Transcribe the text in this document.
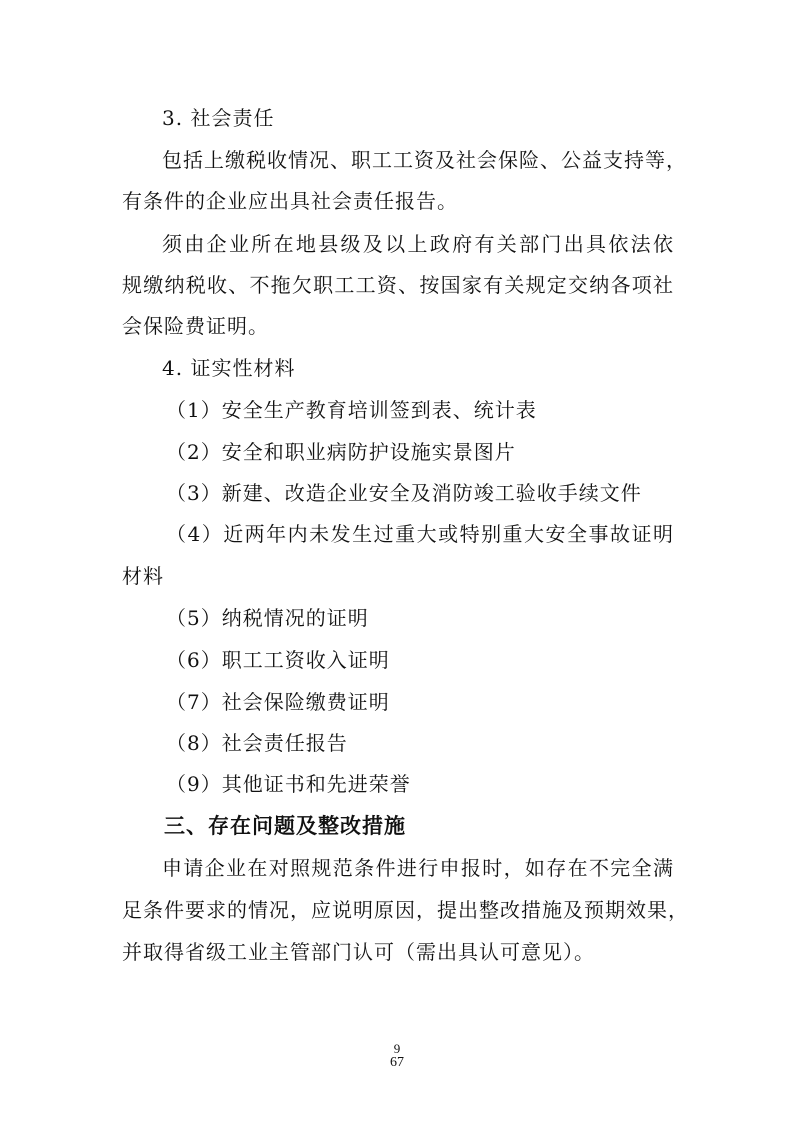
3. 社会责任
包括上缴税收情况、职工工资及社会保险、公益支持等，
有条件的企业应出具社会责任报告。
须由企业所在地县级及以上政府有关部门出具依法依
规缴纳税收、不拖欠职工工资、按国家有关规定交纳各项社
会保险费证明。
4. 证实性材料
（1）安全生产教育培训签到表、统计表
（2）安全和职业病防护设施实景图片
（3）新建、改造企业安全及消防竣工验收手续文件
（4）近两年内未发生过重大或特别重大安全事故证明
材料
（5）纳税情况的证明
（6）职工工资收入证明
（7）社会保险缴费证明
（8）社会责任报告
（9）其他证书和先进荣誉
三、存在问题及整改措施
申请企业在对照规范条件进行申报时，如存在不完全满
足条件要求的情况，应说明原因，提出整改措施及预期效果，
并取得省级工业主管部门认可（需出具认可意见）。
9
67
